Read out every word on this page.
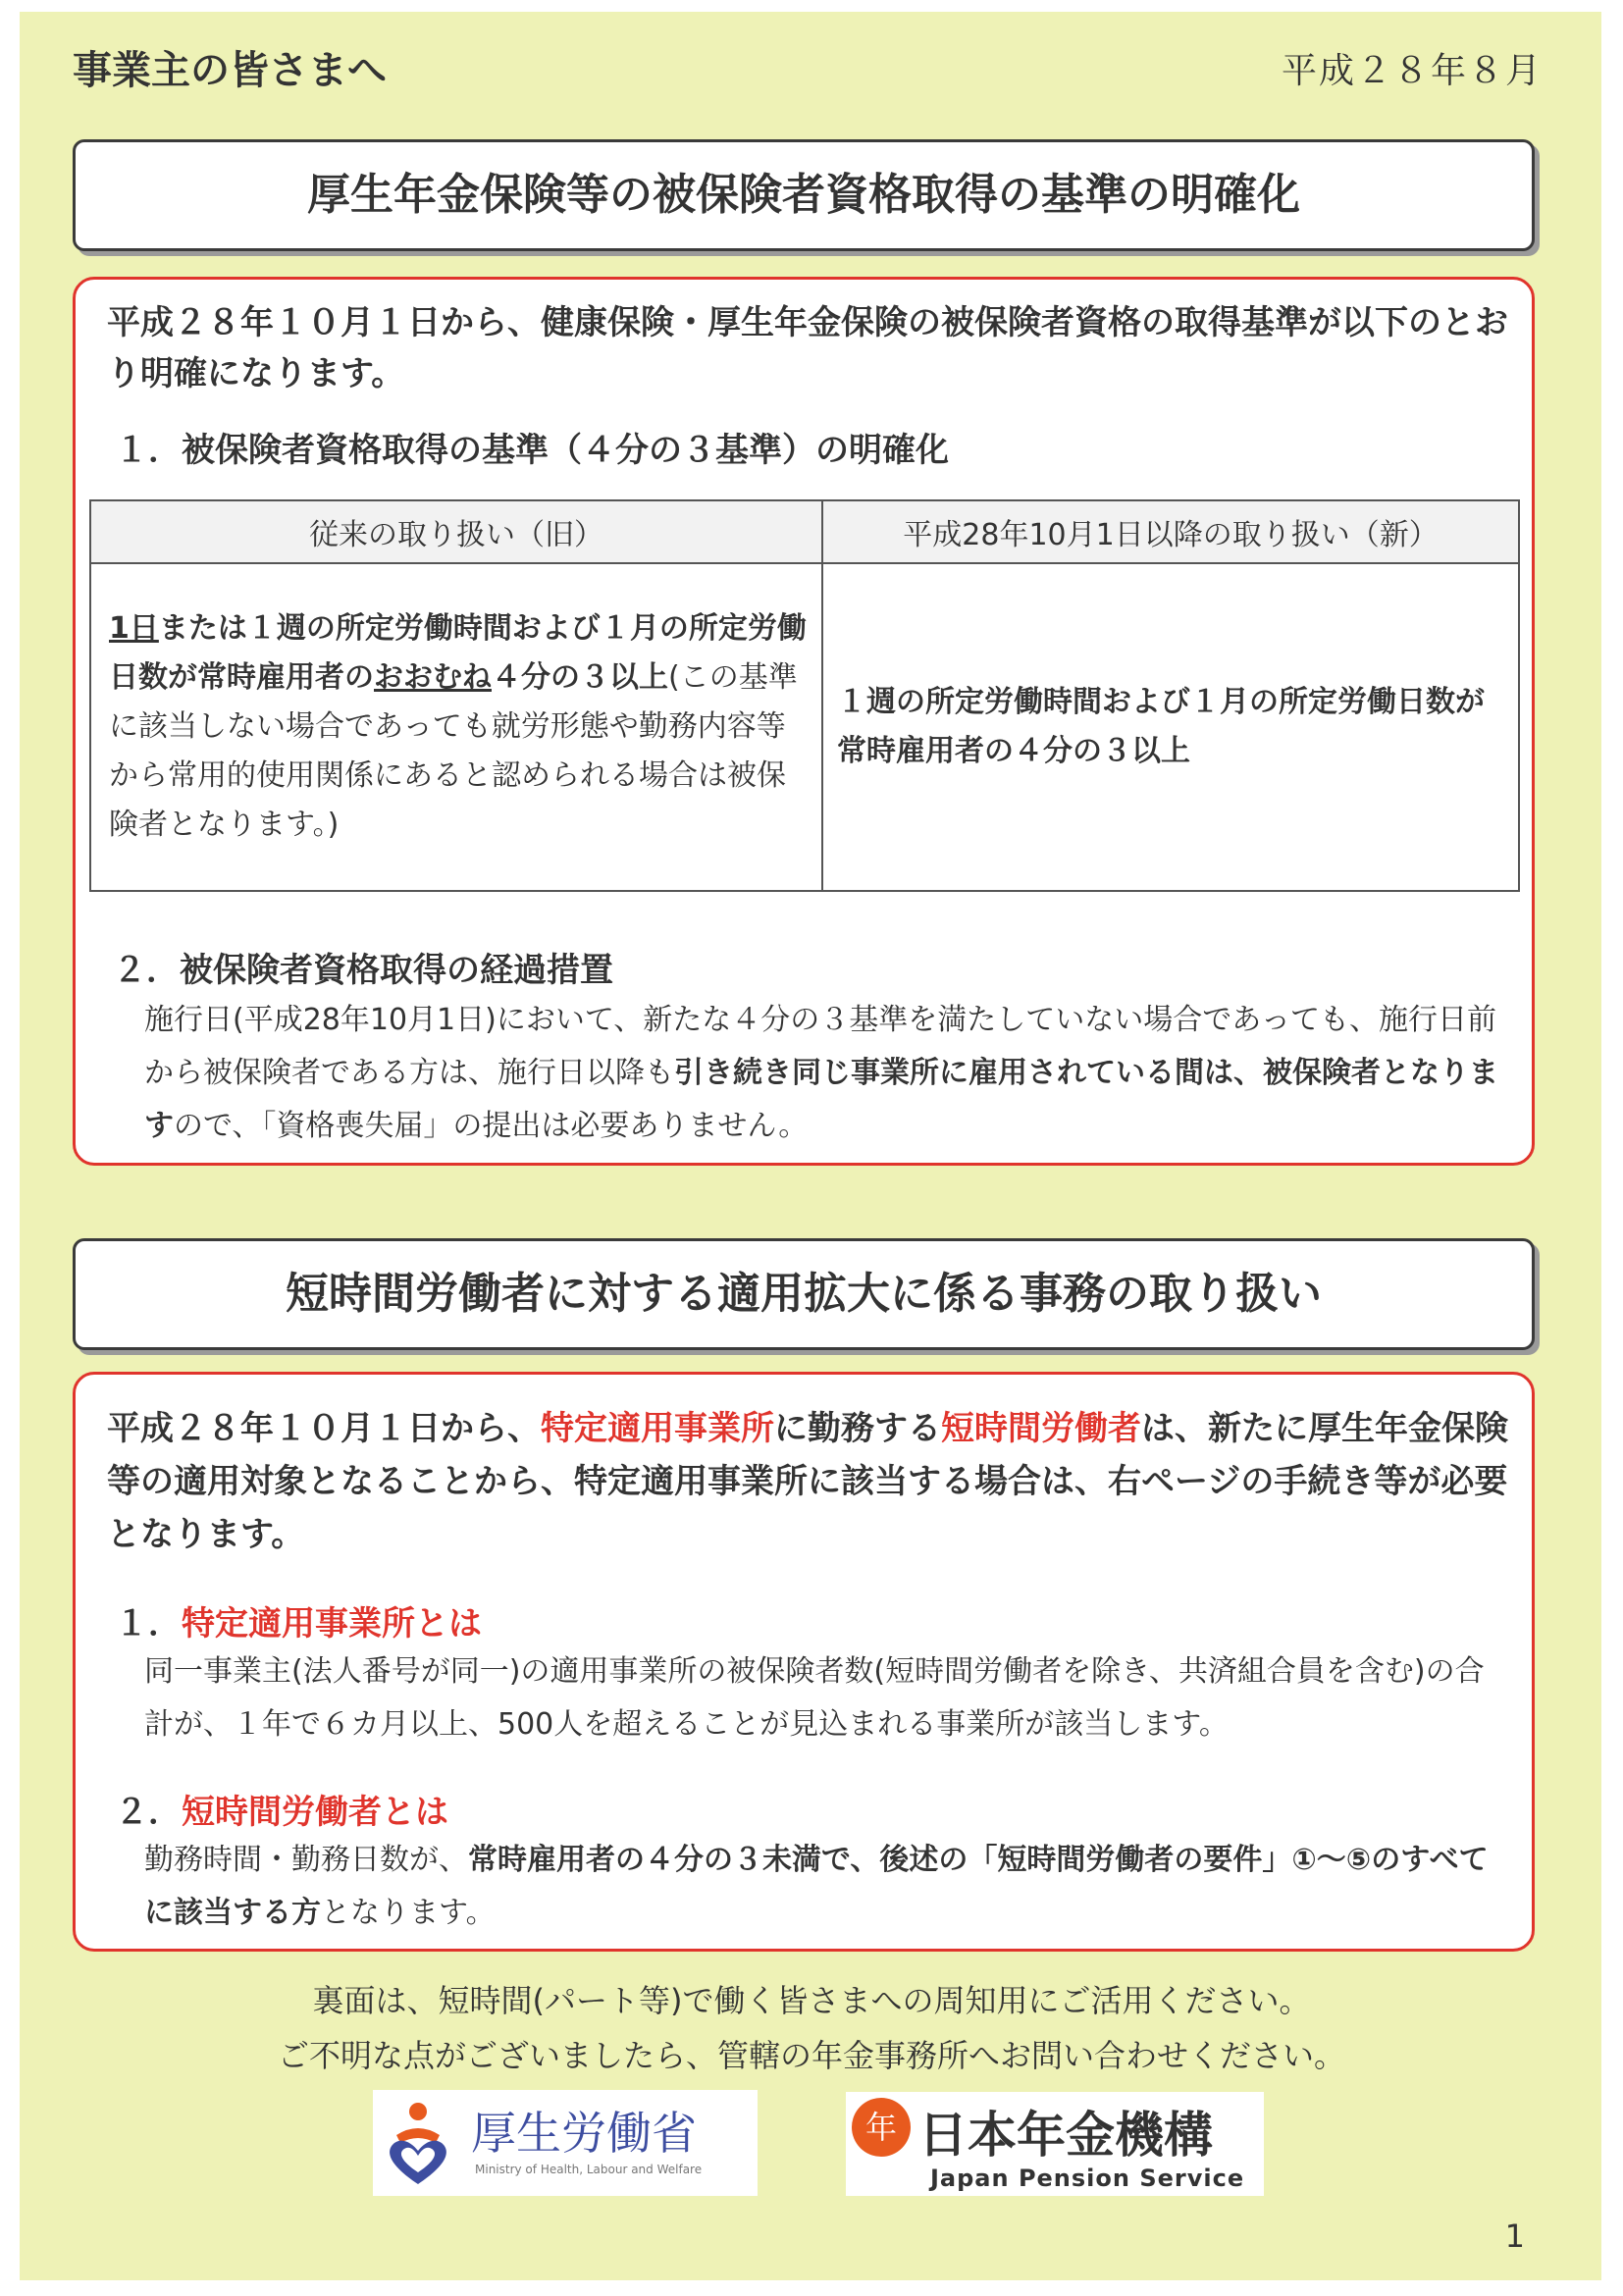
事業主の皆さまへ	平成２８年８月
厚生年金保険等の被保険者資格取得の基準の明確化
平成２８年１０月１日から、健康保険・厚生年金保険の被保険者資格の取得基準が以下のとおり明確になります。
１．被保険者資格取得の基準（４分の３基準）の明確化
従来の取り扱い（旧）	平成28年10月1日以降の取り扱い（新）
1日または１週の所定労働時間および１月の所定労働日数が常時雇用者のおおむね４分の３以上(この基準に該当しない場合であっても就労形態や勤務内容等から常用的使用関係にあると認められる場合は被保険者となります。)	１週の所定労働時間および１月の所定労働日数が常時雇用者の４分の３以上
２．被保険者資格取得の経過措置
施行日(平成28年10月1日)において、新たな４分の３基準を満たしていない場合であっても、施行日前から被保険者である方は、施行日以降も引き続き同じ事業所に雇用されている間は、被保険者となりますので、「資格喪失届」の提出は必要ありません。
短時間労働者に対する適用拡大に係る事務の取り扱い
平成２８年１０月１日から、特定適用事業所に勤務する短時間労働者は、新たに厚生年金保険等の適用対象となることから、特定適用事業所に該当する場合は、右ページの手続き等が必要となります。
１．特定適用事業所とは
同一事業主(法人番号が同一)の適用事業所の被保険者数(短時間労働者を除き、共済組合員を含む)の合計が、１年で６カ月以上、500人を超えることが見込まれる事業所が該当します。
２．短時間労働者とは
勤務時間・勤務日数が、常時雇用者の４分の３未満で、後述の「短時間労働者の要件」①～⑤のすべてに該当する方となります。
裏面は、短時間(パート等)で働く皆さまへの周知用にご活用ください。
ご不明な点がございましたら、管轄の年金事務所へお問い合わせください。
厚生労働省
Ministry of Health, Labour and Welfare
年 日本年金機構
Japan Pension Service
1
